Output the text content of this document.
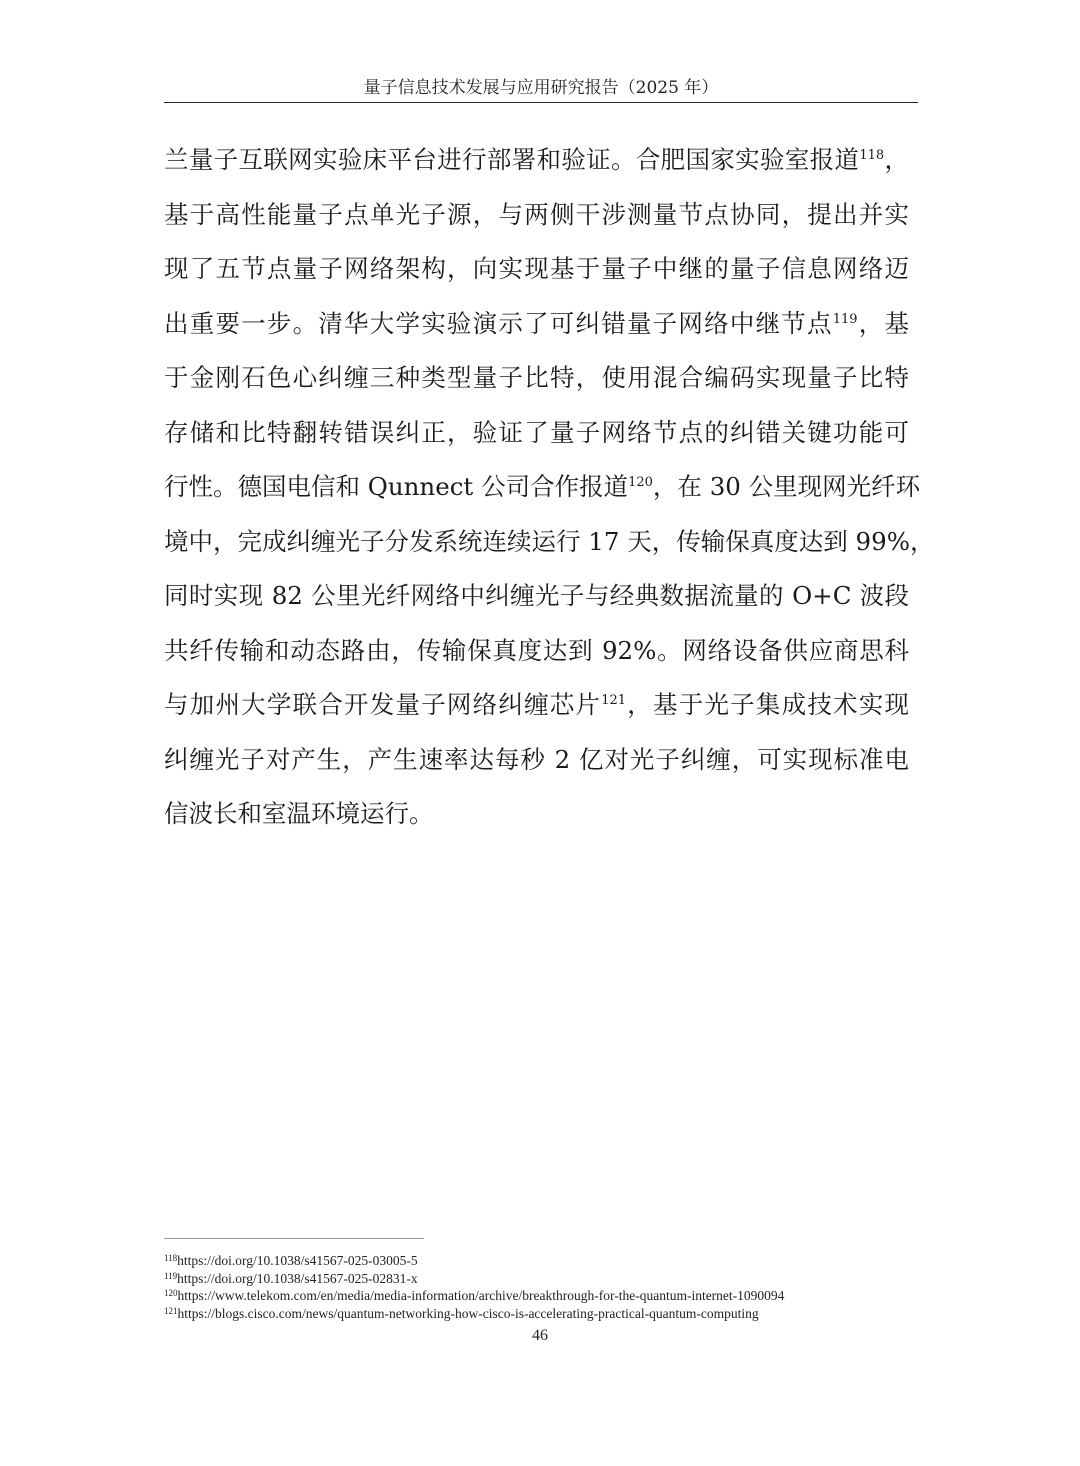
量子信息技术发展与应用研究报告（2025 年）
兰量子互联网实验床平台进行部署和验证。合肥国家实验室报道$^{118}$，
基于高性能量子点单光子源，与两侧干涉测量节点协同，提出并实
现了五节点量子网络架构，向实现基于量子中继的量子信息网络迈
出重要一步。清华大学实验演示了可纠错量子网络中继节点$^{119}$，基
于金刚石色心纠缠三种类型量子比特，使用混合编码实现量子比特
存储和比特翻转错误纠正，验证了量子网络节点的纠错关键功能可
行性。德国电信和 Qunnect 公司合作报道$^{120}$，在 30 公里现网光纤环
境中，完成纠缠光子分发系统连续运行 17 天，传输保真度达到 99%，
同时实现 82 公里光纤网络中纠缠光子与经典数据流量的 O+C 波段
共纤传输和动态路由，传输保真度达到 92%。网络设备供应商思科
与加州大学联合开发量子网络纠缠芯片$^{121}$，基于光子集成技术实现
纠缠光子对产生，产生速率达每秒 2 亿对光子纠缠，可实现标准电
信波长和室温环境运行。
$^{118}$https://doi.org/10.1038/s41567-025-03005-5
$^{119}$https://doi.org/10.1038/s41567-025-02831-x
$^{120}$https://www.telekom.com/en/media/media-information/archive/breakthrough-for-the-quantum-internet-1090094
$^{121}$https://blogs.cisco.com/news/quantum-networking-how-cisco-is-accelerating-practical-quantum-computing
46
